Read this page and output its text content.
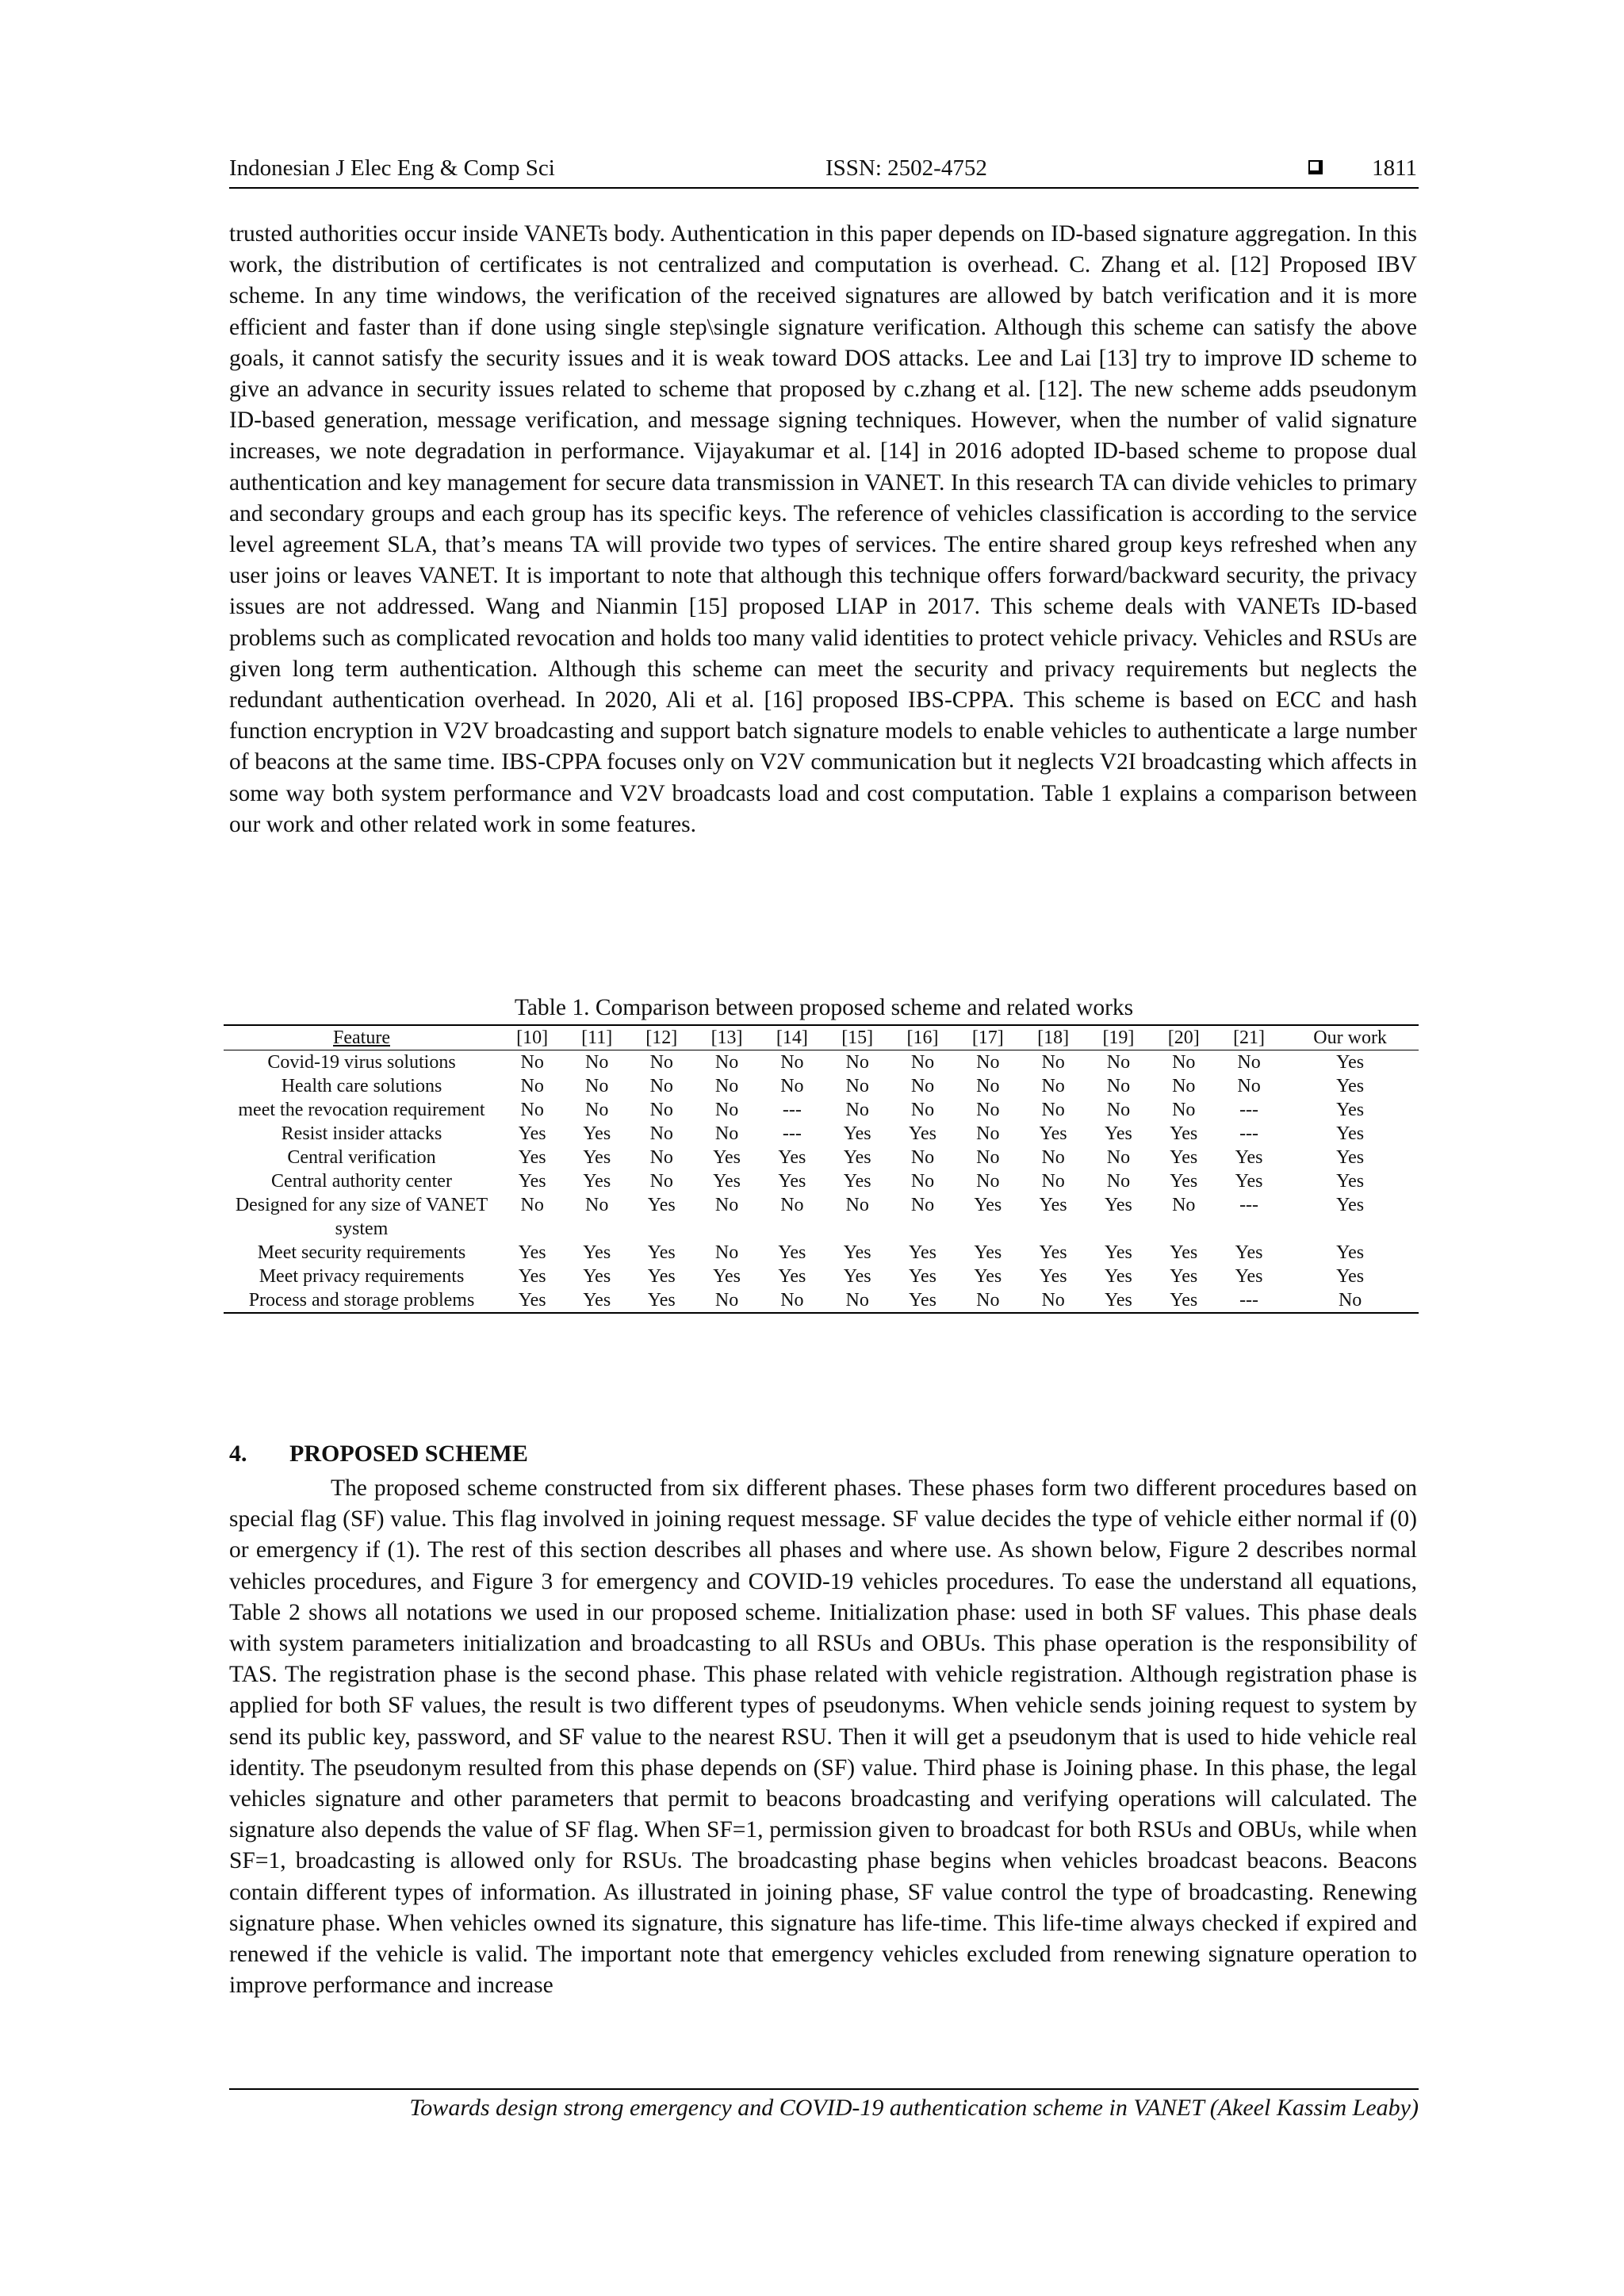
Indonesian J Elec Eng & Comp Sci	ISSN: 2502-4752	1811

trusted authorities occur inside VANETs body. Authentication in this paper depends on ID-based signature aggregation. In this work, the distribution of certificates is not centralized and computation is overhead. C. Zhang et al. [12] Proposed IBV scheme. In any time windows, the verification of the received signatures are allowed by batch verification and it is more efficient and faster than if done using single step\single signature verification. Although this scheme can satisfy the above goals, it cannot satisfy the security issues and it is weak toward DOS attacks. Lee and Lai [13] try to improve ID scheme to give an advance in security issues related to scheme that proposed by c.zhang et al. [12]. The new scheme adds pseudonym ID-based generation, message verification, and message signing techniques. However, when the number of valid signature increases, we note degradation in performance. Vijayakumar et al. [14] in 2016 adopted ID-based scheme to propose dual authentication and key management for secure data transmission in VANET. In this research TA can divide vehicles to primary and secondary groups and each group has its specific keys. The reference of vehicles classification is according to the service level agreement SLA, that’s means TA will provide two types of services. The entire shared group keys refreshed when any user joins or leaves VANET. It is important to note that although this technique offers forward/backward security, the privacy issues are not addressed. Wang and Nianmin [15] proposed LIAP in 2017. This scheme deals with VANETs ID-based problems such as complicated revocation and holds too many valid identities to protect vehicle privacy. Vehicles and RSUs are given long term authentication. Although this scheme can meet the security and privacy requirements but neglects the redundant authentication overhead. In 2020, Ali et al. [16] proposed IBS-CPPA. This scheme is based on ECC and hash function encryption in V2V broadcasting and support batch signature models to enable vehicles to authenticate a large number of beacons at the same time. IBS-CPPA focuses only on V2V communication but it neglects V2I broadcasting which affects in some way both system performance and V2V broadcasts load and cost computation. Table 1 explains a comparison between our work and other related work in some features.

Table 1. Comparison between proposed scheme and related works
Feature	[10]	[11]	[12]	[13]	[14]	[15]	[16]	[17]	[18]	[19]	[20]	[21]	Our work
Covid-19 virus solutions	No	No	No	No	No	No	No	No	No	No	No	No	Yes
Health care solutions	No	No	No	No	No	No	No	No	No	No	No	No	Yes
meet the revocation requirement	No	No	No	No	---	No	No	No	No	No	No	---	Yes
Resist insider attacks	Yes	Yes	No	No	---	Yes	Yes	No	Yes	Yes	Yes	---	Yes
Central verification	Yes	Yes	No	Yes	Yes	Yes	No	No	No	No	Yes	Yes	Yes
Central authority center	Yes	Yes	No	Yes	Yes	Yes	No	No	No	No	Yes	Yes	Yes
Designed for any size of VANET system	No	No	Yes	No	No	No	No	Yes	Yes	Yes	No	---	Yes
Meet security requirements	Yes	Yes	Yes	No	Yes	Yes	Yes	Yes	Yes	Yes	Yes	Yes	Yes
Meet privacy requirements	Yes	Yes	Yes	Yes	Yes	Yes	Yes	Yes	Yes	Yes	Yes	Yes	Yes
Process and storage problems	Yes	Yes	Yes	No	No	No	Yes	No	No	Yes	Yes	---	No
4. PROPOSED SCHEME

The proposed scheme constructed from six different phases. These phases form two different procedures based on special flag (SF) value. This flag involved in joining request message. SF value decides the type of vehicle either normal if (0) or emergency if (1). The rest of this section describes all phases and where use. As shown below, Figure 2 describes normal vehicles procedures, and Figure 3 for emergency and COVID-19 vehicles procedures. To ease the understand all equations, Table 2 shows all notations we used in our proposed scheme. Initialization phase: used in both SF values. This phase deals with system parameters initialization and broadcasting to all RSUs and OBUs. This phase operation is the responsibility of TAS. The registration phase is the second phase. This phase related with vehicle registration. Although registration phase is applied for both SF values, the result is two different types of pseudonyms. When vehicle sends joining request to system by send its public key, password, and SF value to the nearest RSU. Then it will get a pseudonym that is used to hide vehicle real identity. The pseudonym resulted from this phase depends on (SF) value. Third phase is Joining phase. In this phase, the legal vehicles signature and other parameters that permit to beacons broadcasting and verifying operations will calculated. The signature also depends the value of SF flag. When SF=1, permission given to broadcast for both RSUs and OBUs, while when SF=1, broadcasting is allowed only for RSUs. The broadcasting phase begins when vehicles broadcast beacons. Beacons contain different types of information. As illustrated in joining phase, SF value control the type of broadcasting. Renewing signature phase. When vehicles owned its signature, this signature has life-time. This life-time always checked if expired and renewed if the vehicle is valid. The important note that emergency vehicles excluded from renewing signature operation to improve performance and increase

Towards design strong emergency and COVID-19 authentication scheme in VANET (Akeel Kassim Leaby)
